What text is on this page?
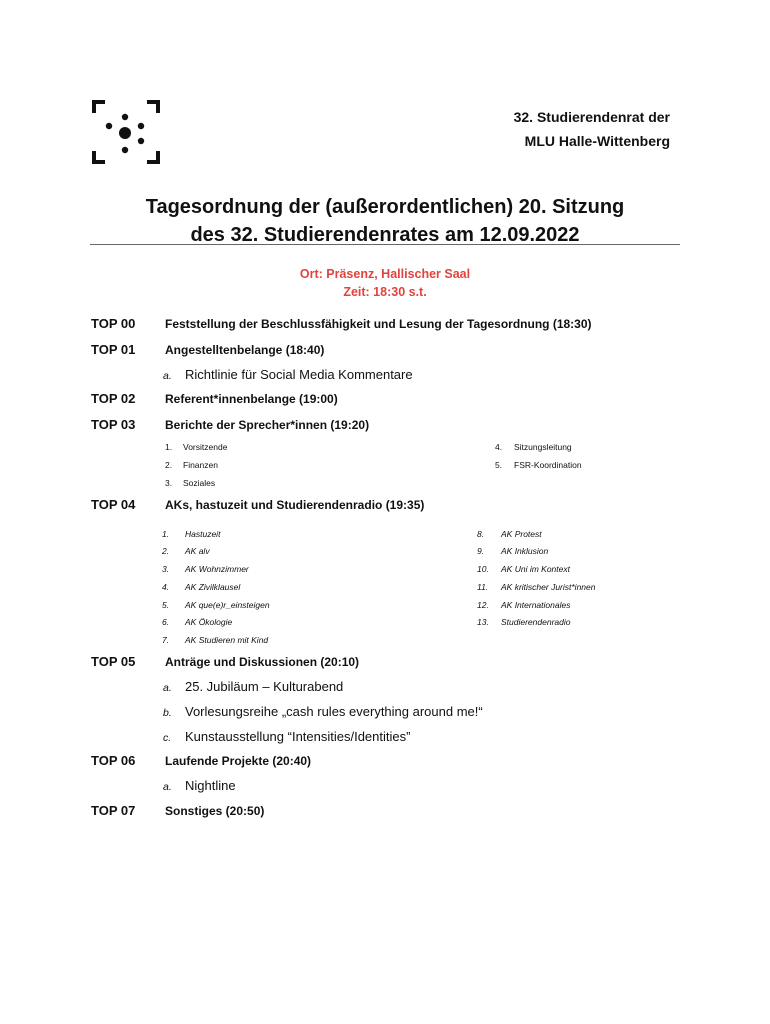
32. Studierendenrat der
MLU Halle-Wittenberg
Tagesordnung der (außerordentlichen) 20. Sitzung
des 32. Studierendenrates am 12.09.2022
Ort: Präsenz, Hallischer Saal
Zeit: 18:30 s.t.
TOP 00 Feststellung der Beschlussfähigkeit und Lesung der Tagesordnung (18:30)
TOP 01 Angestelltenbelange (18:40)
a. Richtlinie für Social Media Kommentare
TOP 02 Referent*innenbelange (19:00)
TOP 03 Berichte der Sprecher*innen (19:20)
1. Vorsitzende
2. Finanzen
3. Soziales
4. Sitzungsleitung
5. FSR-Koordination
TOP 04 AKs, hastuzeit und Studierendenradio (19:35)
1. Hastuzeit
2. AK alv
3. AK Wohnzimmer
4. AK Zivilklausel
5. AK que(e)r_einsteigen
6. AK Ökologie
7. AK Studieren mit Kind
8. AK Protest
9. AK Inklusion
10. AK Uni im Kontext
11. AK kritischer Jurist*innen
12. AK Internationales
13. Studierendenradio
TOP 05 Anträge und Diskussionen (20:10)
a. 25. Jubiläum – Kulturabend
b. Vorlesungsreihe „cash rules everything around me!“
c. Kunstausstellung “Intensities/Identities”
TOP 06 Laufende Projekte (20:40)
a. Nightline
TOP 07 Sonstiges (20:50)
